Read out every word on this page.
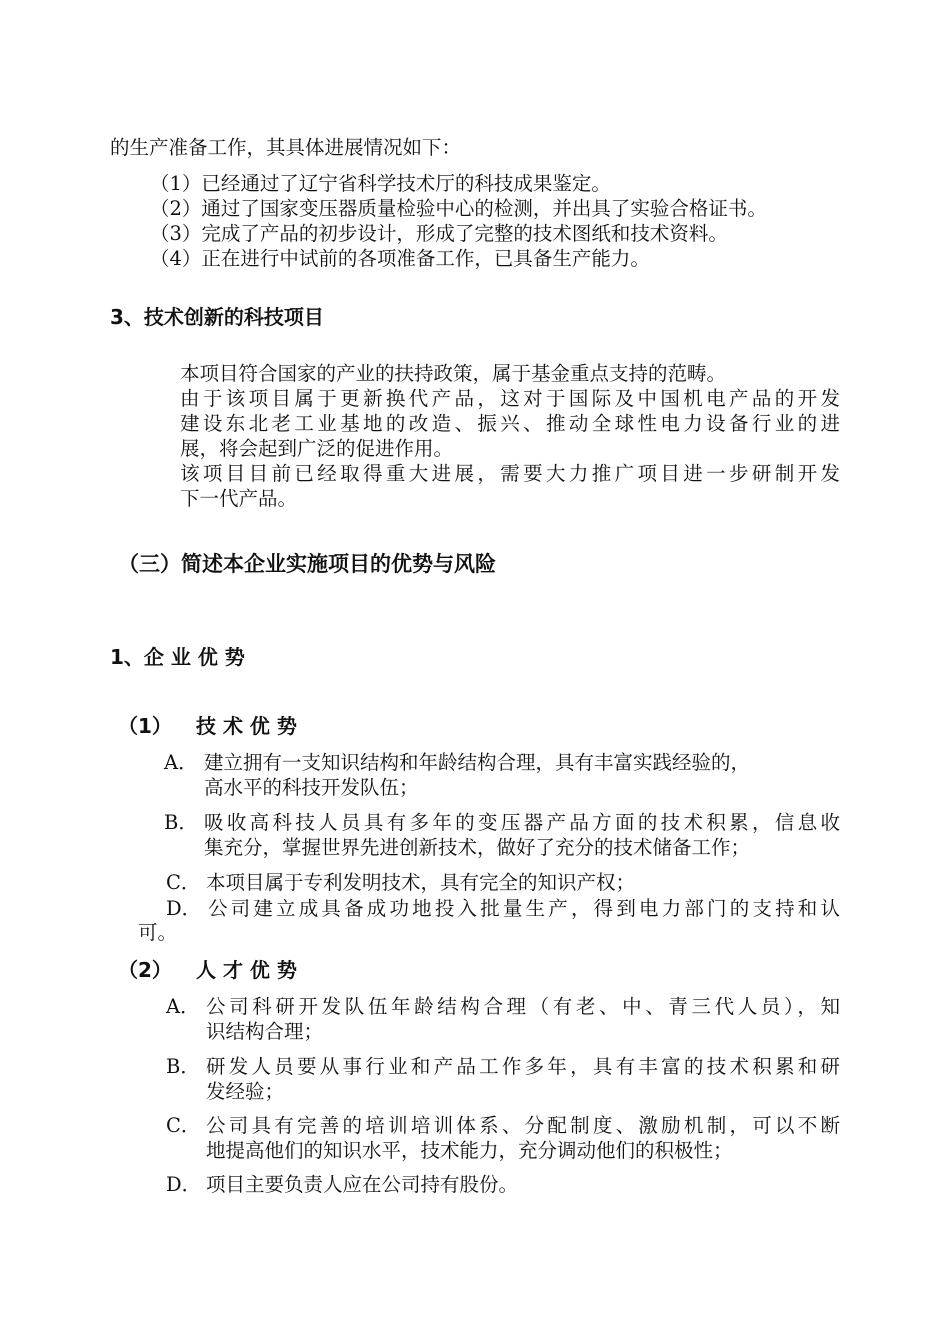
的生产准备工作，其具体进展情况如下：
（1）已经通过了辽宁省科学技术厅的科技成果鉴定。
（2）通过了国家变压器质量检验中心的检测，并出具了实验合格证书。
（3）完成了产品的初步设计，形成了完整的技术图纸和技术资料。
（4）正在进行中试前的各项准备工作，已具备生产能力。
3、技术创新的科技项目
本项目符合国家的产业的扶持政策，属于基金重点支持的范畴。
由于该项目属于更新换代产品，这对于国际及中国机电产品的开发
建设东北老工业基地的改造、振兴、推动全球性电力设备行业的进
展，将会起到广泛的促进作用。
该项目目前已经取得重大进展，需要大力推广项目进一步研制开发
下一代产品。
（三）简述本企业实施项目的优势与风险
1、企 业 优 势
（1） 技 术 优 势
A． 建立拥有一支知识结构和年龄结构合理，具有丰富实践经验的，
高水平的科技开发队伍；
B． 吸收高科技人员具有多年的变压器产品方面的技术积累，信息收
集充分，掌握世界先进创新技术，做好了充分的技术储备工作；
C． 本项目属于专利发明技术，具有完全的知识产权；
D． 公司建立成具备成功地投入批量生产，得到电力部门的支持和认
可。
（2） 人 才 优 势
A． 公司科研开发队伍年龄结构合理（有老、中、青三代人员），知
识结构合理；
B． 研发人员要从事行业和产品工作多年，具有丰富的技术积累和研
发经验；
C． 公司具有完善的培训培训体系、分配制度、激励机制，可以不断
地提高他们的知识水平，技术能力，充分调动他们的积极性；
D． 项目主要负责人应在公司持有股份。
